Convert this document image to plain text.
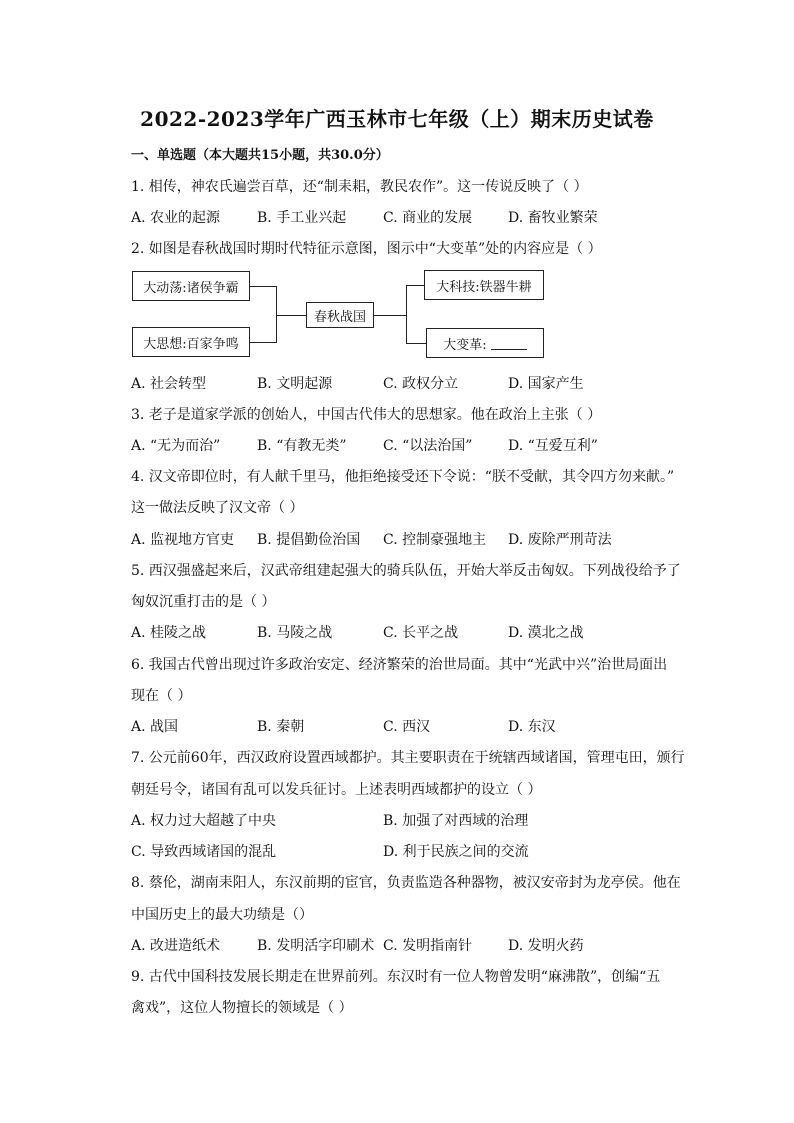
2022-2023学年广西玉林市七年级（上）期末历史试卷
一、单选题（本大题共15小题，共30.0分）
1. 相传，神农氏遍尝百草，还“制耒耜，教民农作”。这一传说反映了（ ）
A. 农业的起源	B. 手工业兴起	C. 商业的发展	D. 畜牧业繁荣
2. 如图是春秋战国时期时代特征示意图，图示中“大变革”处的内容应是（ ）
大动荡:诸侯争霸
大思想:百家争鸣
春秋战国
大科技:铁器牛耕
大变革:
A. 社会转型	B. 文明起源	C. 政权分立	D. 国家产生
3. 老子是道家学派的创始人，中国古代伟大的思想家。他在政治上主张（ ）
A. “无为而治”	B. “有教无类”	C. “以法治国”	D. “互爱互利”
4. 汉文帝即位时，有人献千里马，他拒绝接受还下令说：“朕不受献，其令四方勿来献。”
这一做法反映了汉文帝（ ）
A. 监视地方官吏 B. 提倡勤俭治国 C. 控制豪强地主 D. 废除严刑苛法
5. 西汉强盛起来后，汉武帝组建起强大的骑兵队伍，开始大举反击匈奴。下列战役给予了
匈奴沉重打击的是（ ）
A. 桂陵之战	B. 马陵之战	C. 长平之战	D. 漠北之战
6. 我国古代曾出现过许多政治安定、经济繁荣的治世局面。其中“光武中兴”治世局面出
现在（ ）
A. 战国	B. 秦朝	C. 西汉	D. 东汉
7. 公元前60年，西汉政府设置西域都护。其主要职责在于统辖西域诸国，管理屯田，颁行
朝廷号令，诸国有乱可以发兵征讨。上述表明西域都护的设立（ ）
A. 权力过大超越了中央	B. 加强了对西域的治理
C. 导致西域诸国的混乱	D. 利于民族之间的交流
8. 蔡伦，湖南耒阳人，东汉前期的宦官，负责监造各种器物，被汉安帝封为龙亭侯。他在
中国历史上的最大功绩是（）
A. 改进造纸术	B. 发明活字印刷术 C. 发明指南针	D. 发明火药
9. 古代中国科技发展长期走在世界前列。东汉时有一位人物曾发明“麻沸散”，创编“五
禽戏”，这位人物擅长的领域是（ ）
